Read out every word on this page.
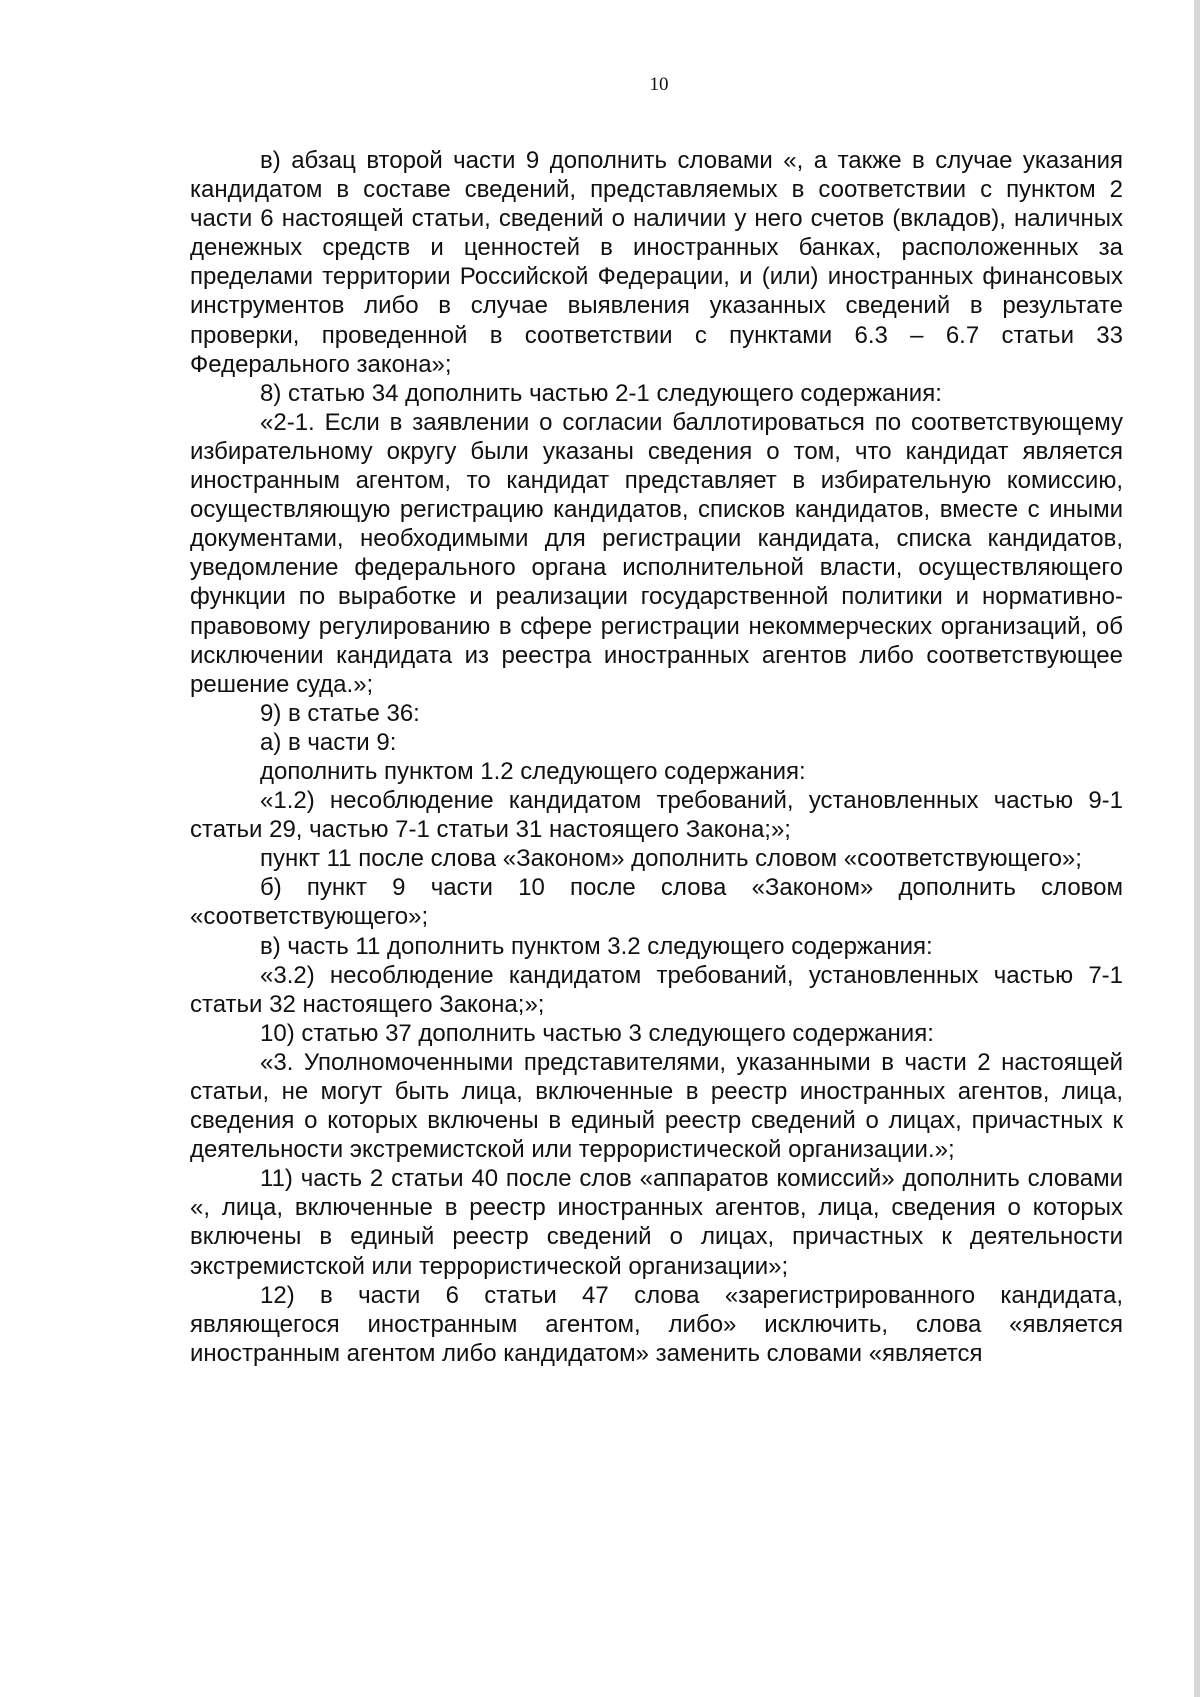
10

в) абзац второй части 9 дополнить словами «, а также в случае указания кандидатом в составе сведений, представляемых в соответствии с пунктом 2 части 6 настоящей статьи, сведений о наличии у него счетов (вкладов), наличных денежных средств и ценностей в иностранных банках, расположенных за пределами территории Российской Федерации, и (или) иностранных финансовых инструментов либо в случае выявления указанных сведений в результате проверки, проведенной в соответствии с пунктами 6.3 – 6.7 статьи 33 Федерального закона»;

8) статью 34 дополнить частью 2-1 следующего содержания:

«2-1. Если в заявлении о согласии баллотироваться по соответствующему избирательному округу были указаны сведения о том, что кандидат является иностранным агентом, то кандидат представляет в избирательную комиссию, осуществляющую регистрацию кандидатов, списков кандидатов, вместе с иными документами, необходимыми для регистрации кандидата, списка кандидатов, уведомление федерального органа исполнительной власти, осуществляющего функции по выработке и реализации государственной политики и нормативно-правовому регулированию в сфере регистрации некоммерческих организаций, об исключении кандидата из реестра иностранных агентов либо соответствующее решение суда.»;

9) в статье 36:

а) в части 9:

дополнить пунктом 1.2 следующего содержания:

«1.2) несоблюдение кандидатом требований, установленных частью 9-1 статьи 29, частью 7-1 статьи 31 настоящего Закона;»;

пункт 11 после слова «Законом» дополнить словом «соответствующего»;

б) пункт 9 части 10 после слова «Законом» дополнить словом «соответствующего»;

в) часть 11 дополнить пунктом 3.2 следующего содержания:

«3.2) несоблюдение кандидатом требований, установленных частью 7-1 статьи 32 настоящего Закона;»;

10) статью 37 дополнить частью 3 следующего содержания:

«3. Уполномоченными представителями, указанными в части 2 настоящей статьи, не могут быть лица, включенные в реестр иностранных агентов, лица, сведения о которых включены в единый реестр сведений о лицах, причастных к деятельности экстремистской или террористической организации.»;

11) часть 2 статьи 40 после слов «аппаратов комиссий» дополнить словами «, лица, включенные в реестр иностранных агентов, лица, сведения о которых включены в единый реестр сведений о лицах, причастных к деятельности экстремистской или террористической организации»;

12) в части 6 статьи 47 слова «зарегистрированного кандидата, являющегося иностранным агентом, либо» исключить, слова «является иностранным агентом либо кандидатом» заменить словами «является
